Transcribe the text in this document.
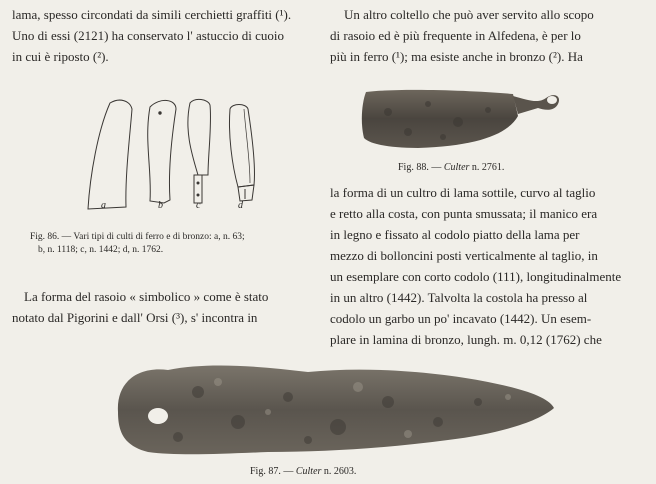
lama, spesso circondati da simili cerchietti graffiti (¹).

Uno di essi (2121) ha conservato l' astuccio di cuoio

in cui è riposto (²).

a	b	c	d

Fig. 86. — Vari tipi di culti di ferro e di bronzo: a, n. 63;

b, n. 1118; c, n. 1442; d, n. 1762.

La forma del rasoio « simbolico » come è stato

notato dal Pigorini e dall' Orsi (³), s' incontra in

Un altro coltello che può aver servito allo scopo

di rasoio ed è più frequente in Alfedena, è per lo

più in ferro (¹); ma esiste anche in bronzo (²). Ha

Fig. 88. — Culter n. 2761.

la forma di un cultro di lama sottile, curvo al taglio

e retto alla costa, con punta smussata; il manico era

in legno e fissato al codolo piatto della lama per

mezzo di bolloncini posti verticalmente al taglio, in

un esemplare con corto codolo (111), longitudinalmente

in un altro (1442). Talvolta la costola ha presso al

codolo un garbo un po' incavato (1442). Un esem-

plare in lamina di bronzo, lungh. m. 0,12 (1762) che

Fig. 87. — Culter n. 2603.
